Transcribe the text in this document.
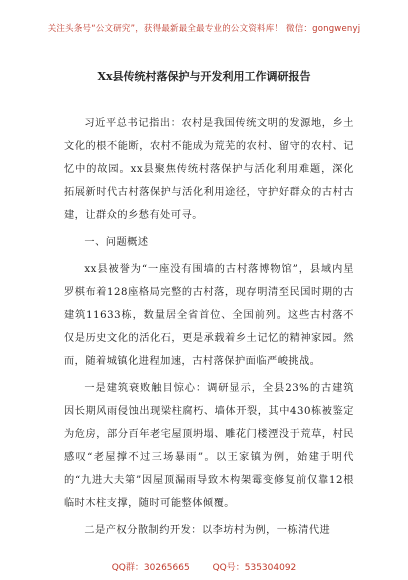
关注头条号“公文研究”，获得最新最全最专业的公文资料库！ 微信：gongwenyj
Xx县传统村落保护与开发利用工作调研报告

习近平总书记指出：农村是我国传统文明的发源地，乡土文化的根不能断，农村不能成为荒芜的农村、留守的农村、记忆中的故园。xx县聚焦传统村落保护与活化利用难题，深化拓展新时代古村落保护与活化利用途径，守护好群众的古村古建，让群众的乡愁有处可寻。

一、问题概述

xx县被誉为“一座没有围墙的古村落博物馆”，县域内星罗棋布着128座格局完整的古村落，现存明清至民国时期的古建筑11633栋，数量居全省首位、全国前列。这些古村落不仅是历史文化的活化石，更是承载着乡土记忆的精神家园。然而，随着城镇化进程加速，古村落保护面临严峻挑战。

一是建筑衰败触目惊心：调研显示，全县23%的古建筑因长期风雨侵蚀出现梁柱腐朽、墙体开裂，其中430栋被鉴定为危房，部分百年老宅屋顶坍塌、雕花门楼湮没于荒草，村民感叹“老屋撑不过三场暴雨”。以王家镇为例，始建于明代的“九进大夫第”因屋顶漏雨导致木构架霉变修复前仅靠12根临时木柱支撑，随时可能整体倾覆。

二是产权分散制约开发：以李坊村为例，一栋清代进

QQ群：30265665	QQ号：535304092
